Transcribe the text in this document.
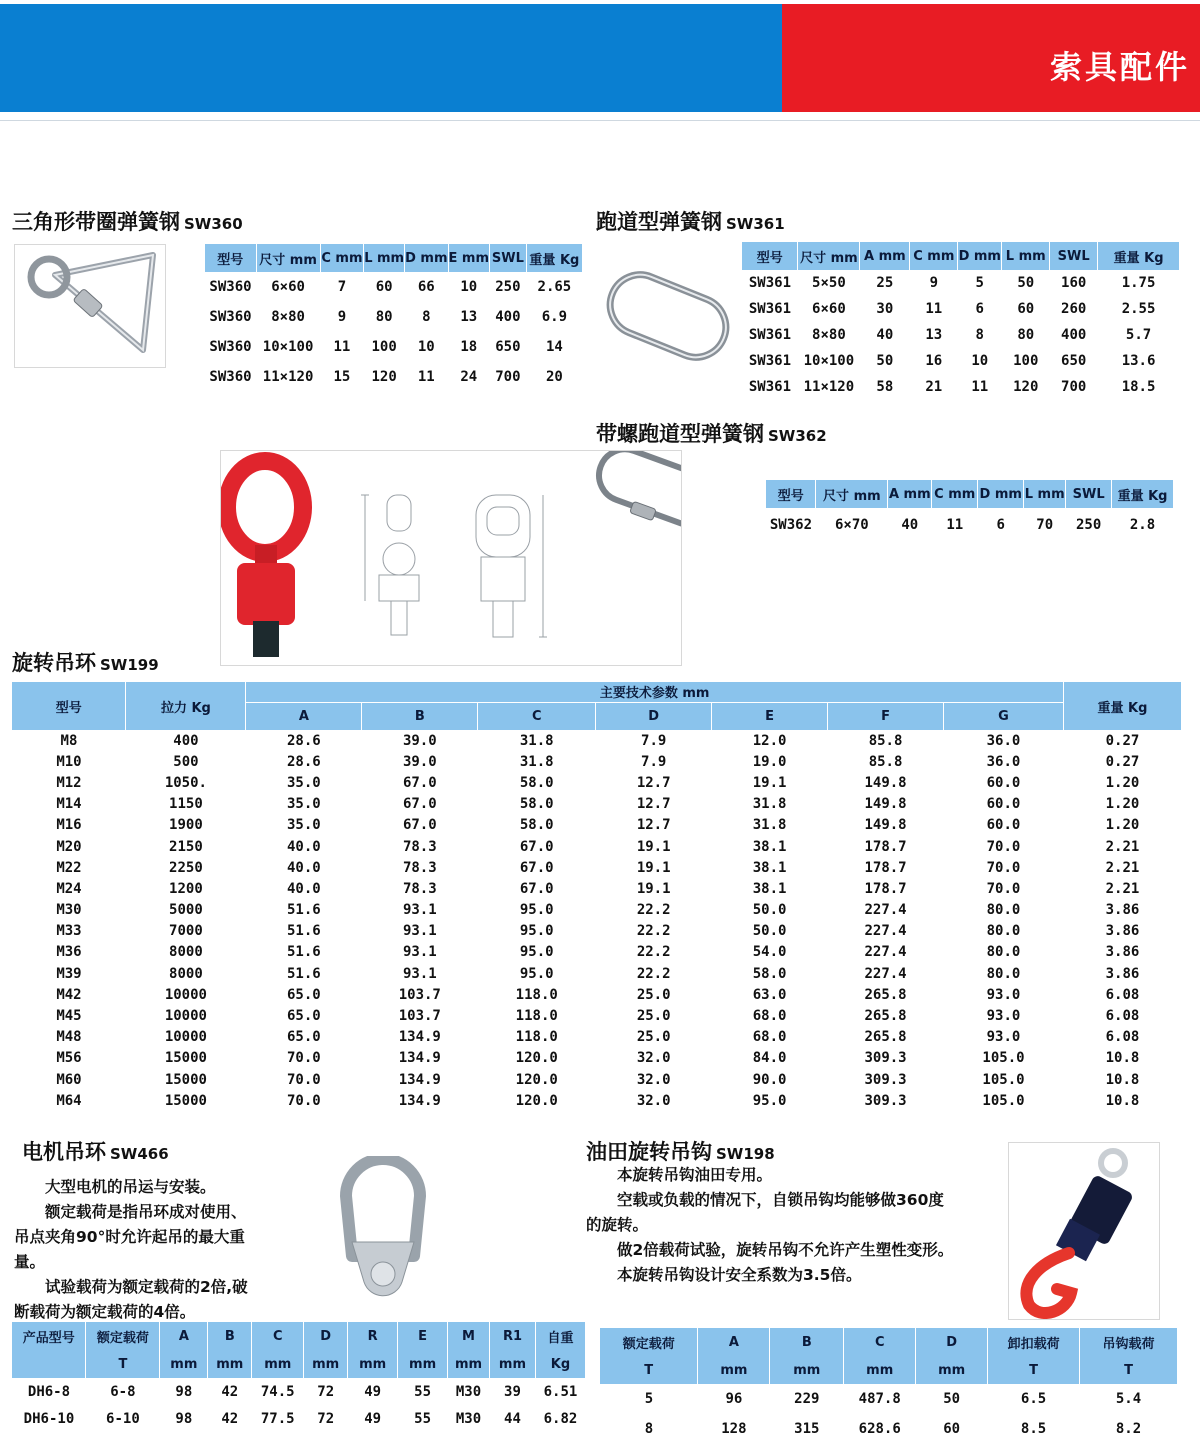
索具配件
三角形带圈弹簧钢 SW360
型号	尺寸 mm	C mm	L mm	D mm	E mm	SWL	重量 Kg
SW360	6×60	7	60	66	10	250	2.65
SW360	8×80	9	80	8	13	400	6.9
SW360	10×100	11	100	10	18	650	14
SW360	11×120	15	120	11	24	700	20
跑道型弹簧钢 SW361
型号	尺寸 mm	A mm	C mm	D mm	L mm	SWL	重量 Kg
SW361	5×50	25	9	5	50	160	1.75
SW361	6×60	30	11	6	60	260	2.55
SW361	8×80	40	13	8	80	400	5.7
SW361	10×100	50	16	10	100	650	13.6
SW361	11×120	58	21	11	120	700	18.5
带螺跑道型弹簧钢 SW362
型号	尺寸 mm	A mm	C mm	D mm	L mm	SWL	重量 Kg
SW362	6×70	40	11	6	70	250	2.8
旋转吊环 SW199
型号	拉力 Kg	主要技术参数 mm							重量 Kg
		A	B	C	D	E	F	G	
M8	400	28.6	39.0	31.8	7.9	12.0	85.8	36.0	0.27
M10	500	28.6	39.0	31.8	7.9	19.0	85.8	36.0	0.27
M12	1050.	35.0	67.0	58.0	12.7	19.1	149.8	60.0	1.20
M14	1150	35.0	67.0	58.0	12.7	31.8	149.8	60.0	1.20
M16	1900	35.0	67.0	58.0	12.7	31.8	149.8	60.0	1.20
M20	2150	40.0	78.3	67.0	19.1	38.1	178.7	70.0	2.21
M22	2250	40.0	78.3	67.0	19.1	38.1	178.7	70.0	2.21
M24	1200	40.0	78.3	67.0	19.1	38.1	178.7	70.0	2.21
M30	5000	51.6	93.1	95.0	22.2	50.0	227.4	80.0	3.86
M33	7000	51.6	93.1	95.0	22.2	50.0	227.4	80.0	3.86
M36	8000	51.6	93.1	95.0	22.2	54.0	227.4	80.0	3.86
M39	8000	51.6	93.1	95.0	22.2	58.0	227.4	80.0	3.86
M42	10000	65.0	103.7	118.0	25.0	63.0	265.8	93.0	6.08
M45	10000	65.0	103.7	118.0	25.0	68.0	265.8	93.0	6.08
M48	10000	65.0	134.9	118.0	25.0	68.0	265.8	93.0	6.08
M56	15000	70.0	134.9	120.0	32.0	84.0	309.3	105.0	10.8
M60	15000	70.0	134.9	120.0	32.0	90.0	309.3	105.0	10.8
M64	15000	70.0	134.9	120.0	32.0	95.0	309.3	105.0	10.8
电机吊环 SW466

　　大型电机的吊运与安装。

　　额定载荷是指吊环成对使用、

吊点夹角90°时允许起吊的最大重

量。

　　试验载荷为额定载荷的2倍,破

断载荷为额定载荷的4倍。

产品型号	额定载荷	A	B	C	D	R	E	M	R1	自重
	T	mm	mm	mm	mm	mm	mm	mm	mm	Kg
DH6-8	6-8	98	42	74.5	72	49	55	M30	39	6.51
DH6-10	6-10	98	42	77.5	72	49	55	M30	44	6.82
油田旋转吊钩 SW198

　　本旋转吊钩油田专用。

　　空载或负载的情况下，自锁吊钩均能够做360度

的旋转。

　　做2倍载荷试验，旋转吊钩不允许产生塑性变形。

　　本旋转吊钩设计安全系数为3.5倍。

额定载荷	A	B	C	D	卸扣载荷	吊钩载荷
T	mm	mm	mm	mm	T	T
5	96	229	487.8	50	6.5	5.4
8	128	315	628.6	60	8.5	8.2
